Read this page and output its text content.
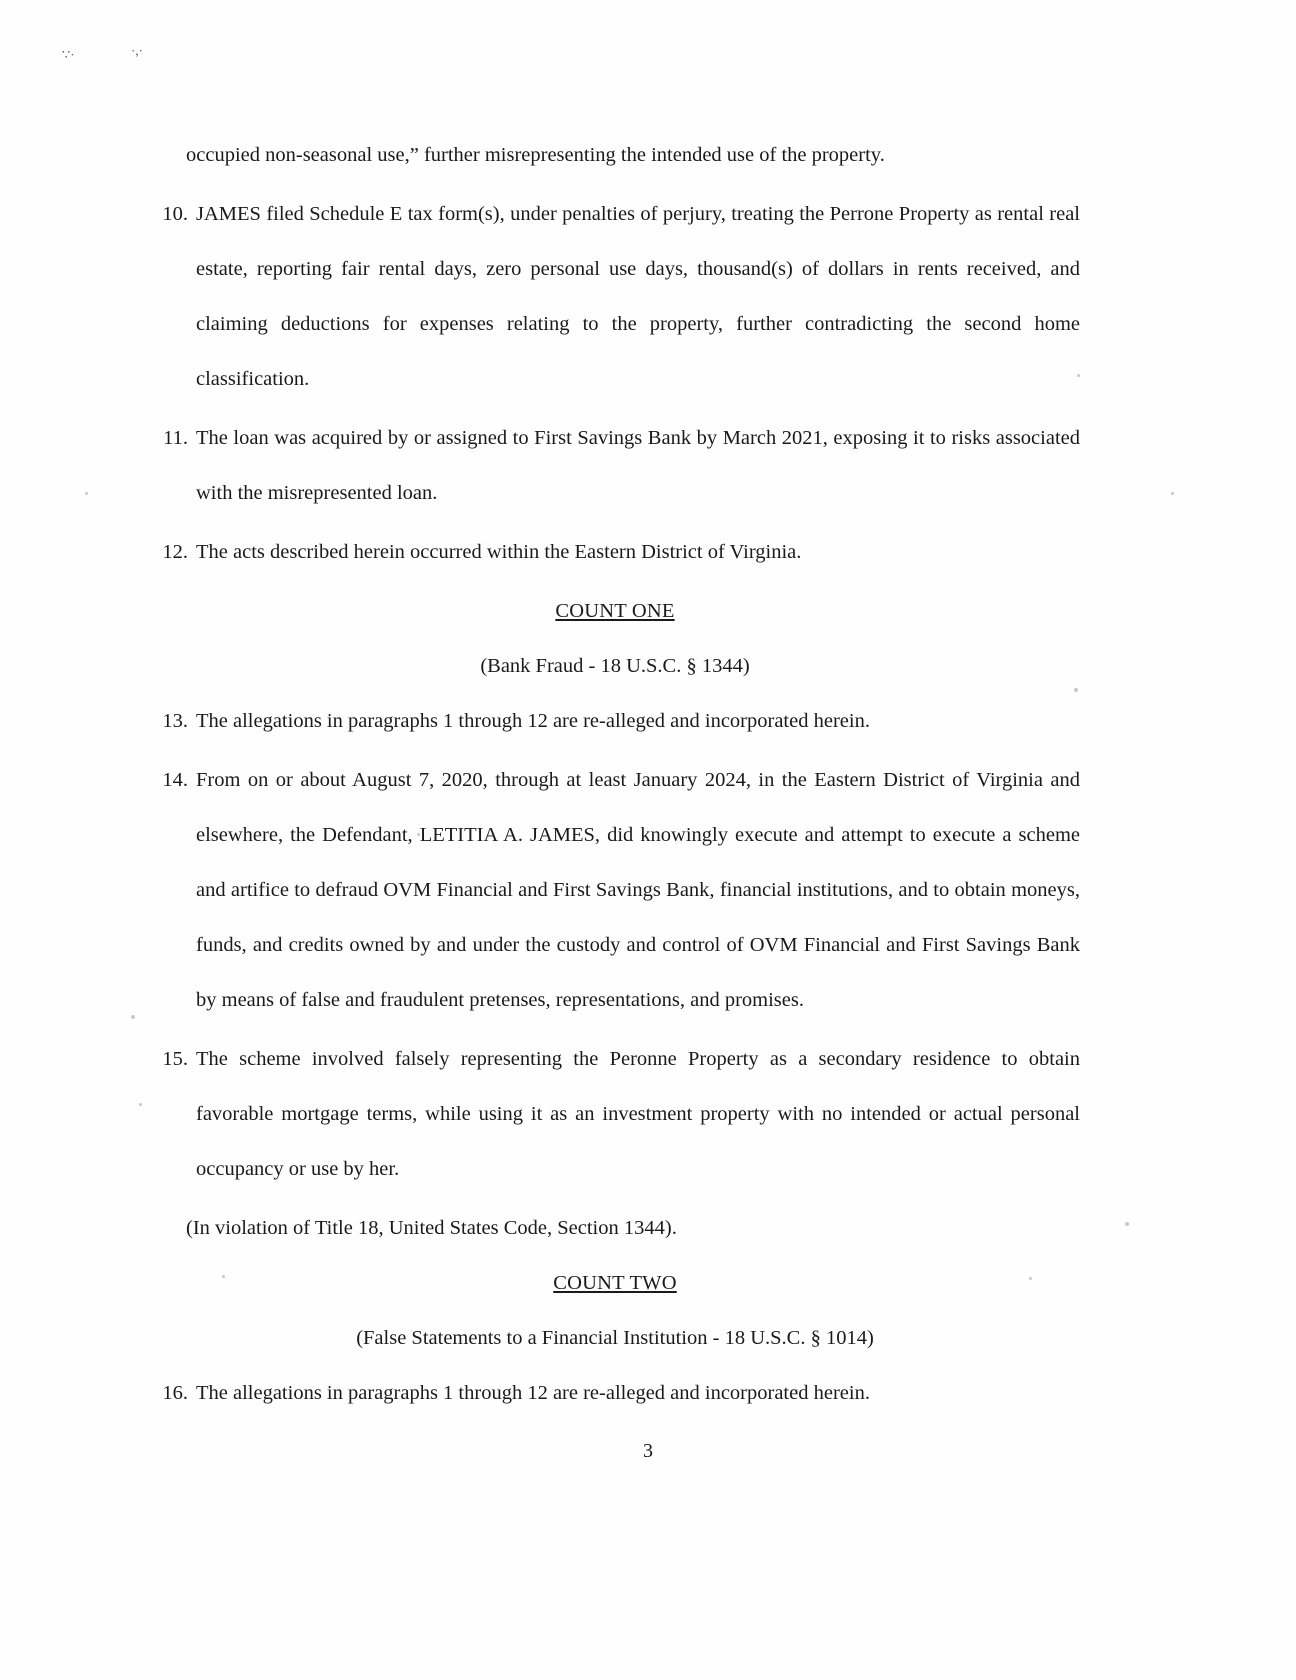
∵·	·,·
occupied non-seasonal use,” further misrepresenting the intended use of the property.
10. JAMES filed Schedule E tax form(s), under penalties of perjury, treating the Perrone Property as rental real estate, reporting fair rental days, zero personal use days, thousand(s) of dollars in rents received, and claiming deductions for expenses relating to the property, further contradicting the second home classification.
11. The loan was acquired by or assigned to First Savings Bank by March 2021, exposing it to risks associated with the misrepresented loan.
12. The acts described herein occurred within the Eastern District of Virginia.
COUNT ONE
(Bank Fraud - 18 U.S.C. § 1344)
13. The allegations in paragraphs 1 through 12 are re-alleged and incorporated herein.
14. From on or about August 7, 2020, through at least January 2024, in the Eastern District of Virginia and elsewhere, the Defendant, LETITIA A. JAMES, did knowingly execute and attempt to execute a scheme and artifice to defraud OVM Financial and First Savings Bank, financial institutions, and to obtain moneys, funds, and credits owned by and under the custody and control of OVM Financial and First Savings Bank by means of false and fraudulent pretenses, representations, and promises.
15. The scheme involved falsely representing the Peronne Property as a secondary residence to obtain favorable mortgage terms, while using it as an investment property with no intended or actual personal occupancy or use by her.
(In violation of Title 18, United States Code, Section 1344).
COUNT TWO
(False Statements to a Financial Institution - 18 U.S.C. § 1014)
16. The allegations in paragraphs 1 through 12 are re-alleged and incorporated herein.
3
